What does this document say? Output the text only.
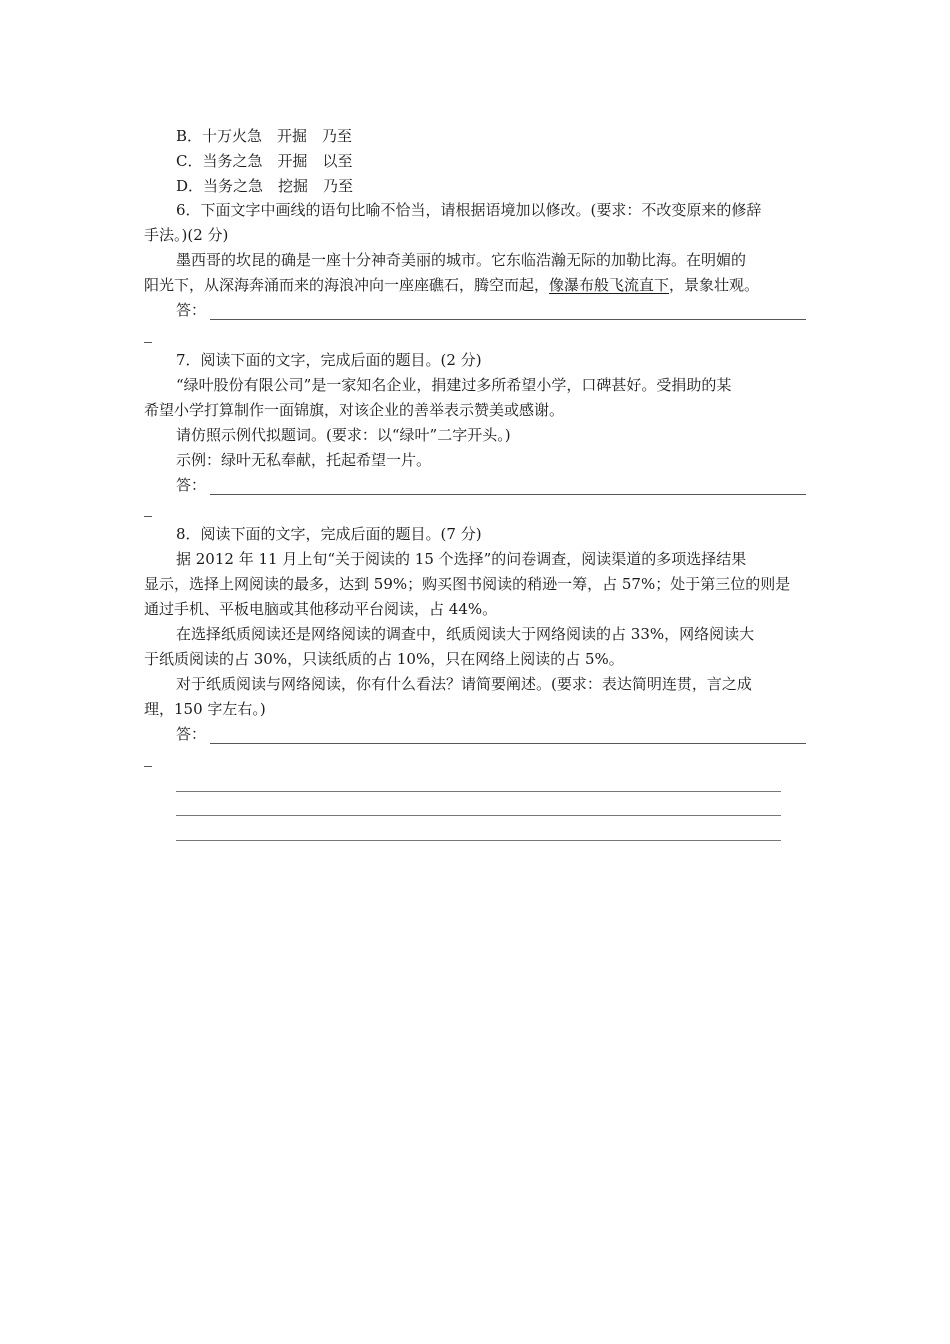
B．十万火急　开掘　乃至
C．当务之急　开掘　以至
D．当务之急　挖掘　乃至
6．下面文字中画线的语句比喻不恰当，请根据语境加以修改。(要求：不改变原来的修辞
手法。)(2 分)
墨西哥的坎昆的确是一座十分神奇美丽的城市。它东临浩瀚无际的加勒比海。在明媚的
阳光下，从深海奔涌而来的海浪冲向一座座礁石，腾空而起，像瀑布般飞流直下，景象壮观。
答：
7．阅读下面的文字，完成后面的题目。(2 分)
“绿叶股份有限公司”是一家知名企业，捐建过多所希望小学，口碑甚好。受捐助的某
希望小学打算制作一面锦旗，对该企业的善举表示赞美或感谢。
请仿照示例代拟题词。(要求：以“绿叶”二字开头。)
示例：绿叶无私奉献，托起希望一片。
答：
8．阅读下面的文字，完成后面的题目。(7 分)
据 2012 年 11 月上旬“关于阅读的 15 个选择”的问卷调查，阅读渠道的多项选择结果
显示，选择上网阅读的最多，达到 59%；购买图书阅读的稍逊一筹，占 57%；处于第三位的则是
通过手机、平板电脑或其他移动平台阅读，占 44%。
在选择纸质阅读还是网络阅读的调查中，纸质阅读大于网络阅读的占 33%，网络阅读大
于纸质阅读的占 30%，只读纸质的占 10%，只在网络上阅读的占 5%。
对于纸质阅读与网络阅读，你有什么看法？请简要阐述。(要求：表达简明连贯，言之成
理，150 字左右。)
答：
